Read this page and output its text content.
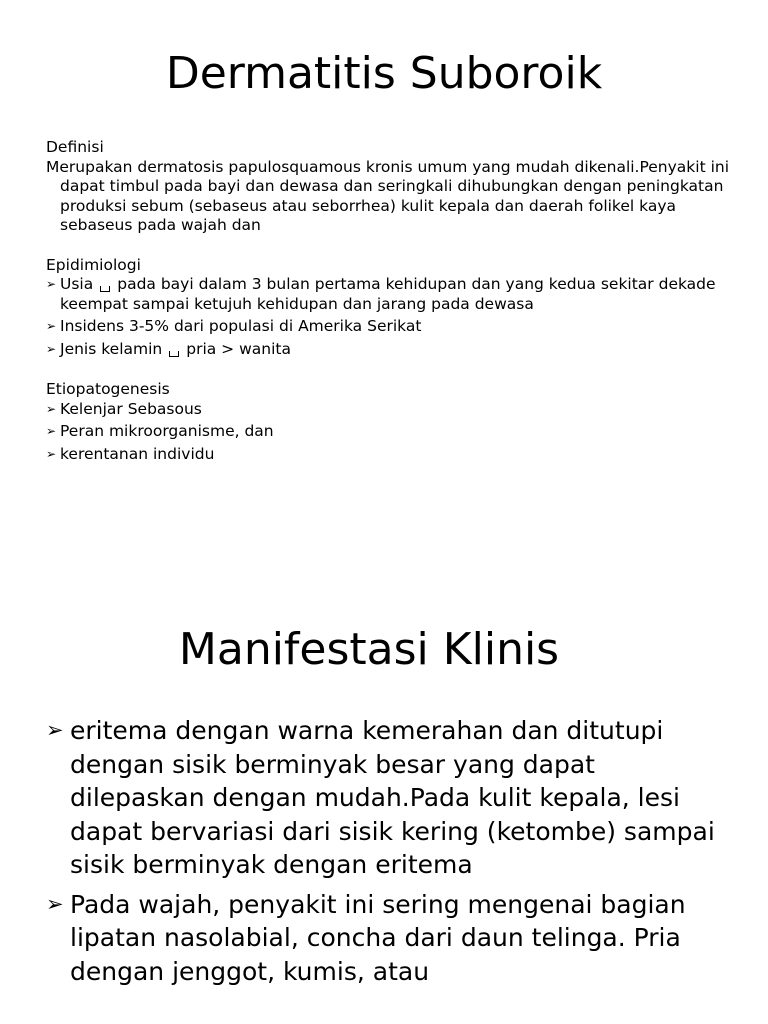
Dermatitis Suboroik

Definisi

Merupakan dermatosis papulosquamous kronis umum yang mudah dikenali.Penyakit ini dapat timbul pada bayi dan dewasa dan seringkali dihubungkan dengan peningkatan produksi sebum (sebaseus atau seborrhea) kulit kepala dan daerah folikel kaya sebaseus pada wajah dan

Epidimiologi

➢ Usia pada bayi dalam 3 bulan pertama kehidupan dan yang kedua sekitar dekade keempat sampai ketujuh kehidupan dan jarang pada dewasa
➢ Insidens 3-5% dari populasi di Amerika Serikat
➢ Jenis kelamin pria > wanita

Etiopatogenesis

➢ Kelenjar Sebasous
➢ Peran mikroorganisme, dan
➢ kerentanan individu
Manifestasi Klinis
➢ eritema dengan warna kemerahan dan ditutupi dengan sisik berminyak besar yang dapat dilepaskan dengan mudah.Pada kulit kepala, lesi dapat bervariasi dari sisik kering (ketombe) sampai sisik berminyak dengan eritema
➢ Pada wajah, penyakit ini sering mengenai bagian lipatan nasolabial, concha dari daun telinga. Pria dengan jenggot, kumis, atau
